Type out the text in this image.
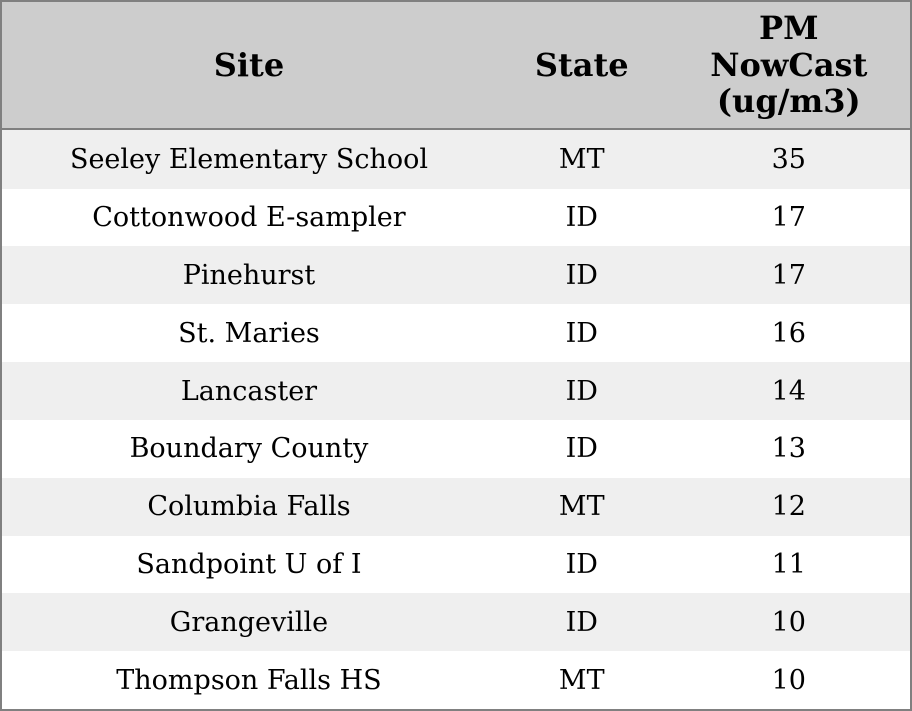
Site	State	PM NowCast (ug/m3)
Seeley Elementary School	MT	35
Cottonwood E-sampler	ID	17
Pinehurst	ID	17
St. Maries	ID	16
Lancaster	ID	14
Boundary County	ID	13
Columbia Falls	MT	12
Sandpoint U of I	ID	11
Grangeville	ID	10
Thompson Falls HS	MT	10
